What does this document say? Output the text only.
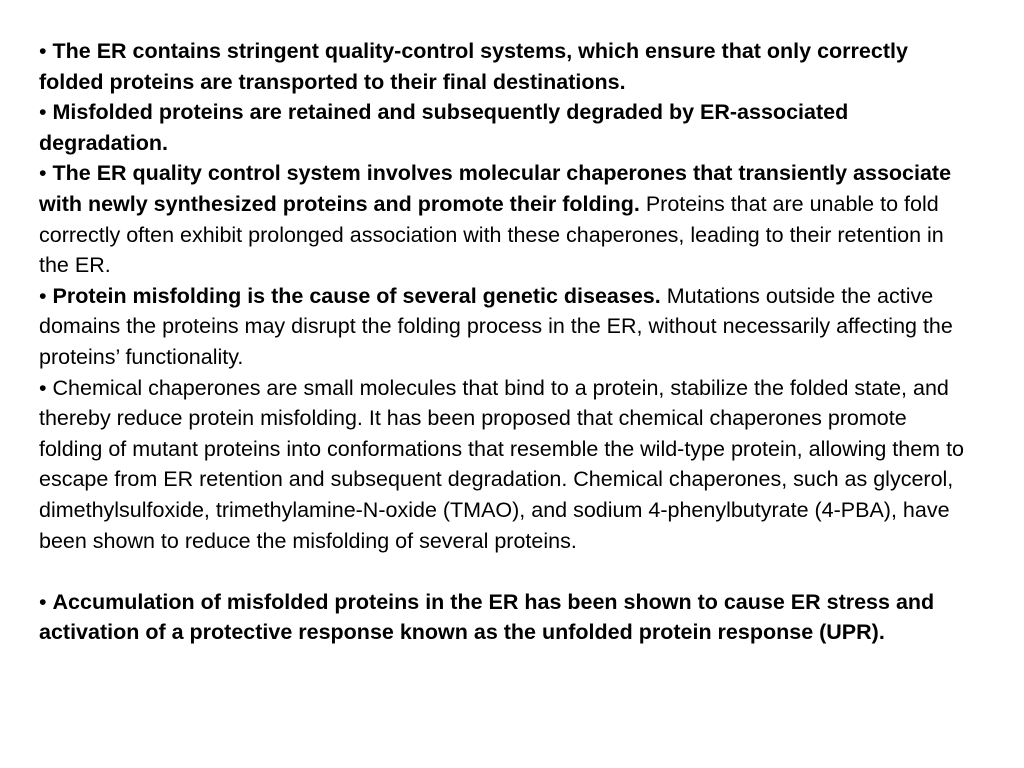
• The ER contains stringent quality-control systems, which ensure that only correctly folded proteins are transported to their final destinations.

• Misfolded proteins are retained and subsequently degraded by ER-associated degradation.

• The ER quality control system involves molecular chaperones that transiently associate with newly synthesized proteins and promote their folding. Proteins that are unable to fold correctly often exhibit prolonged association with these chaperones, leading to their retention in the ER.

• Protein misfolding is the cause of several genetic diseases. Mutations outside the active domains the proteins may disrupt the folding process in the ER, without necessarily affecting the proteins’ functionality.

• Chemical chaperones are small molecules that bind to a protein, stabilize the folded state, and thereby reduce protein misfolding. It has been proposed that chemical chaperones promote folding of mutant proteins into conformations that resemble the wild-type protein, allowing them to escape from ER retention and subsequent degradation. Chemical chaperones, such as glycerol, dimethylsulfoxide, trimethylamine-N-oxide (TMAO), and sodium 4-phenylbutyrate (4-PBA), have been shown to reduce the misfolding of several proteins.

• Accumulation of misfolded proteins in the ER has been shown to cause ER stress and activation of a protective response known as the unfolded protein response (UPR).
